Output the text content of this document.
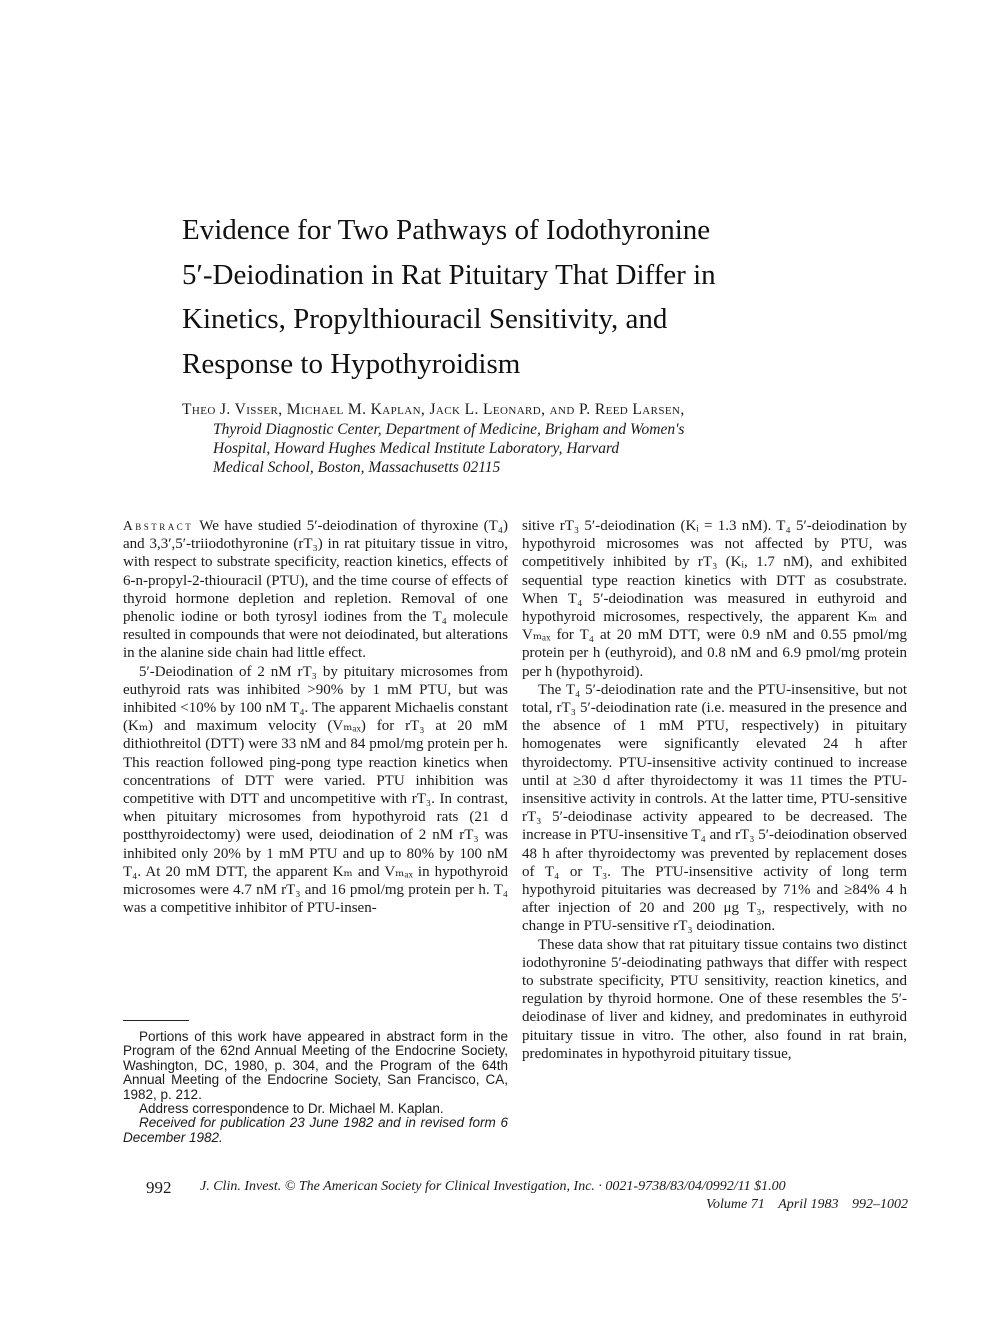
Evidence for Two Pathways of Iodothyronine
5′-Deiodination in Rat Pituitary That Differ in
Kinetics, Propylthiouracil Sensitivity, and
Response to Hypothyroidism
Theo J. Visser, Michael M. Kaplan, Jack L. Leonard, and P. Reed Larsen,
Thyroid Diagnostic Center, Department of Medicine, Brigham and Women's
Hospital, Howard Hughes Medical Institute Laboratory, Harvard
Medical School, Boston, Massachusetts 02115

Abstract We have studied 5′-deiodination of thyroxine (T₄) and 3,3′,5′-triiodothyronine (rT₃) in rat pituitary tissue in vitro, with respect to substrate specificity, reaction kinetics, effects of 6-n-propyl-2-thiouracil (PTU), and the time course of effects of thyroid hormone depletion and repletion. Removal of one phenolic iodine or both tyrosyl iodines from the T₄ molecule resulted in compounds that were not deiodinated, but alterations in the alanine side chain had little effect.

5′-Deiodination of 2 nM rT₃ by pituitary microsomes from euthyroid rats was inhibited >90% by 1 mM PTU, but was inhibited <10% by 100 nM T₄. The apparent Michaelis constant (Kₘ) and maximum velocity (Vₘₐₓ) for rT₃ at 20 mM dithiothreitol (DTT) were 33 nM and 84 pmol/mg protein per h. This reaction followed ping-pong type reaction kinetics when concentrations of DTT were varied. PTU inhibition was competitive with DTT and uncompetitive with rT₃. In contrast, when pituitary microsomes from hypothyroid rats (21 d postthyroidectomy) were used, deiodination of 2 nM rT₃ was inhibited only 20% by 1 mM PTU and up to 80% by 100 nM T₄. At 20 mM DTT, the apparent Kₘ and Vₘₐₓ in hypothyroid microsomes were 4.7 nM rT₃ and 16 pmol/mg protein per h. T₄ was a competitive inhibitor of PTU-insen-

sitive rT₃ 5′-deiodination (Kᵢ = 1.3 nM). T₄ 5′-deiodination by hypothyroid microsomes was not affected by PTU, was competitively inhibited by rT₃ (Kᵢ, 1.7 nM), and exhibited sequential type reaction kinetics with DTT as cosubstrate. When T₄ 5′-deiodination was measured in euthyroid and hypothyroid microsomes, respectively, the apparent Kₘ and Vₘₐₓ for T₄ at 20 mM DTT, were 0.9 nM and 0.55 pmol/mg protein per h (euthyroid), and 0.8 nM and 6.9 pmol/mg protein per h (hypothyroid).

The T₄ 5′-deiodination rate and the PTU-insensitive, but not total, rT₃ 5′-deiodination rate (i.e. measured in the presence and the absence of 1 mM PTU, respectively) in pituitary homogenates were significantly elevated 24 h after thyroidectomy. PTU-insensitive activity continued to increase until at ≥30 d after thyroidectomy it was 11 times the PTU-insensitive activity in controls. At the latter time, PTU-sensitive rT₃ 5′-deiodinase activity appeared to be decreased. The increase in PTU-insensitive T₄ and rT₃ 5′-deiodination observed 48 h after thyroidectomy was prevented by replacement doses of T₄ or T₃. The PTU-insensitive activity of long term hypothyroid pituitaries was decreased by 71% and ≥84% 4 h after injection of 20 and 200 μg T₃, respectively, with no change in PTU-sensitive rT₃ deiodination.

These data show that rat pituitary tissue contains two distinct iodothyronine 5′-deiodinating pathways that differ with respect to substrate specificity, PTU sensitivity, reaction kinetics, and regulation by thyroid hormone. One of these resembles the 5′-deiodinase of liver and kidney, and predominates in euthyroid pituitary tissue in vitro. The other, also found in rat brain, predominates in hypothyroid pituitary tissue,

Portions of this work have appeared in abstract form in the Program of the 62nd Annual Meeting of the Endocrine Society, Washington, DC, 1980, p. 304, and the Program of the 64th Annual Meeting of the Endocrine Society, San Francisco, CA, 1982, p. 212.

Address correspondence to Dr. Michael M. Kaplan.

Received for publication 23 June 1982 and in revised form 6 December 1982.

992 J. Clin. Invest. © The American Society for Clinical Investigation, Inc. · 0021-9738/83/04/0992/11 $1.00
Volume 71 April 1983 992–1002
